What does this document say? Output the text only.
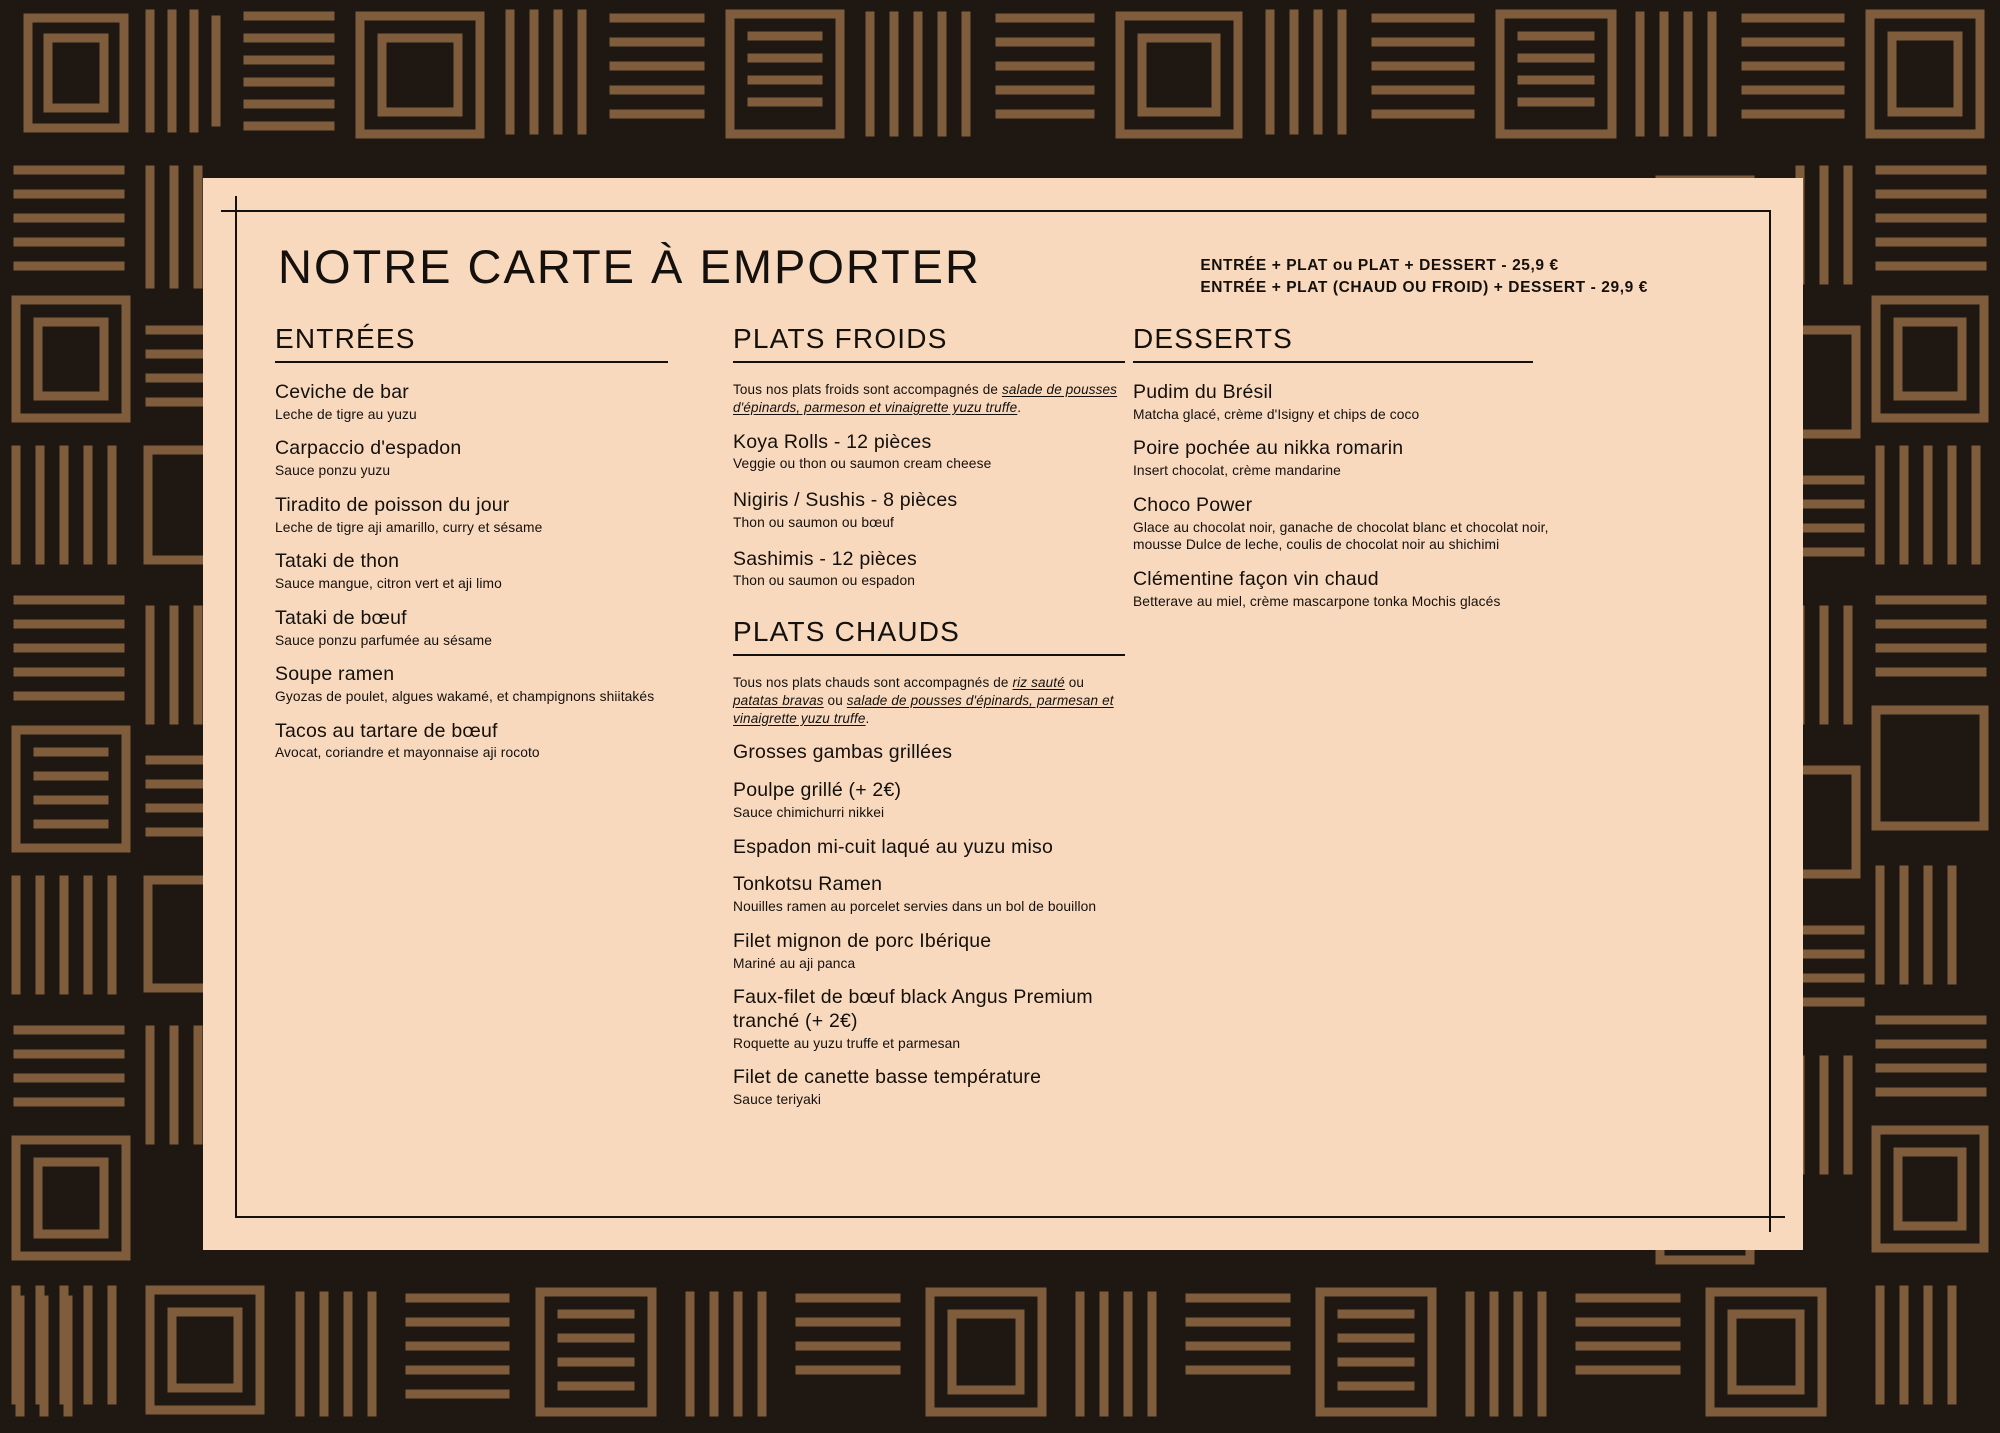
NOTRE CARTE À EMPORTER	ENTRÉE + PLAT ou PLAT + DESSERT - 25,9 €
ENTRÉE + PLAT (CHAUD OU FROID) + DESSERT - 29,9 €
ENTRÉES
Ceviche de bar
Leche de tigre au yuzu
Carpaccio d'espadon
Sauce ponzu yuzu
Tiradito de poisson du jour
Leche de tigre aji amarillo, curry et sésame
Tataki de thon
Sauce mangue, citron vert et aji limo
Tataki de bœuf
Sauce ponzu parfumée au sésame
Soupe ramen
Gyozas de poulet, algues wakamé, et champignons shiitakés
Tacos au tartare de bœuf
Avocat, coriandre et mayonnaise aji rocoto
PLATS FROIDS

Tous nos plats froids sont accompagnés de salade de pousses d'épinards, parmeson et vinaigrette yuzu truffe.

Koya Rolls - 12 pièces
Veggie ou thon ou saumon cream cheese
Nigiris / Sushis - 8 pièces
Thon ou saumon ou bœuf
Sashimis - 12 pièces
Thon ou saumon ou espadon
PLATS CHAUDS

Tous nos plats chauds sont accompagnés de riz sauté ou patatas bravas ou salade de pousses d'épinards, parmesan et vinaigrette yuzu truffe.

Grosses gambas grillées
Poulpe grillé (+ 2€)
Sauce chimichurri nikkei
Espadon mi-cuit laqué au yuzu miso
Tonkotsu Ramen
Nouilles ramen au porcelet servies dans un bol de bouillon
Filet mignon de porc Ibérique
Mariné au aji panca
Faux-filet de bœuf black Angus Premium tranché (+ 2€)
Roquette au yuzu truffe et parmesan
Filet de canette basse température
Sauce teriyaki
DESSERTS
Pudim du Brésil
Matcha glacé, crème d'Isigny et chips de coco
Poire pochée au nikka romarin
Insert chocolat, crème mandarine
Choco Power
Glace au chocolat noir, ganache de chocolat blanc et chocolat noir, mousse Dulce de leche, coulis de chocolat noir au shichimi
Clémentine façon vin chaud
Betterave au miel, crème mascarpone tonka Mochis glacés
